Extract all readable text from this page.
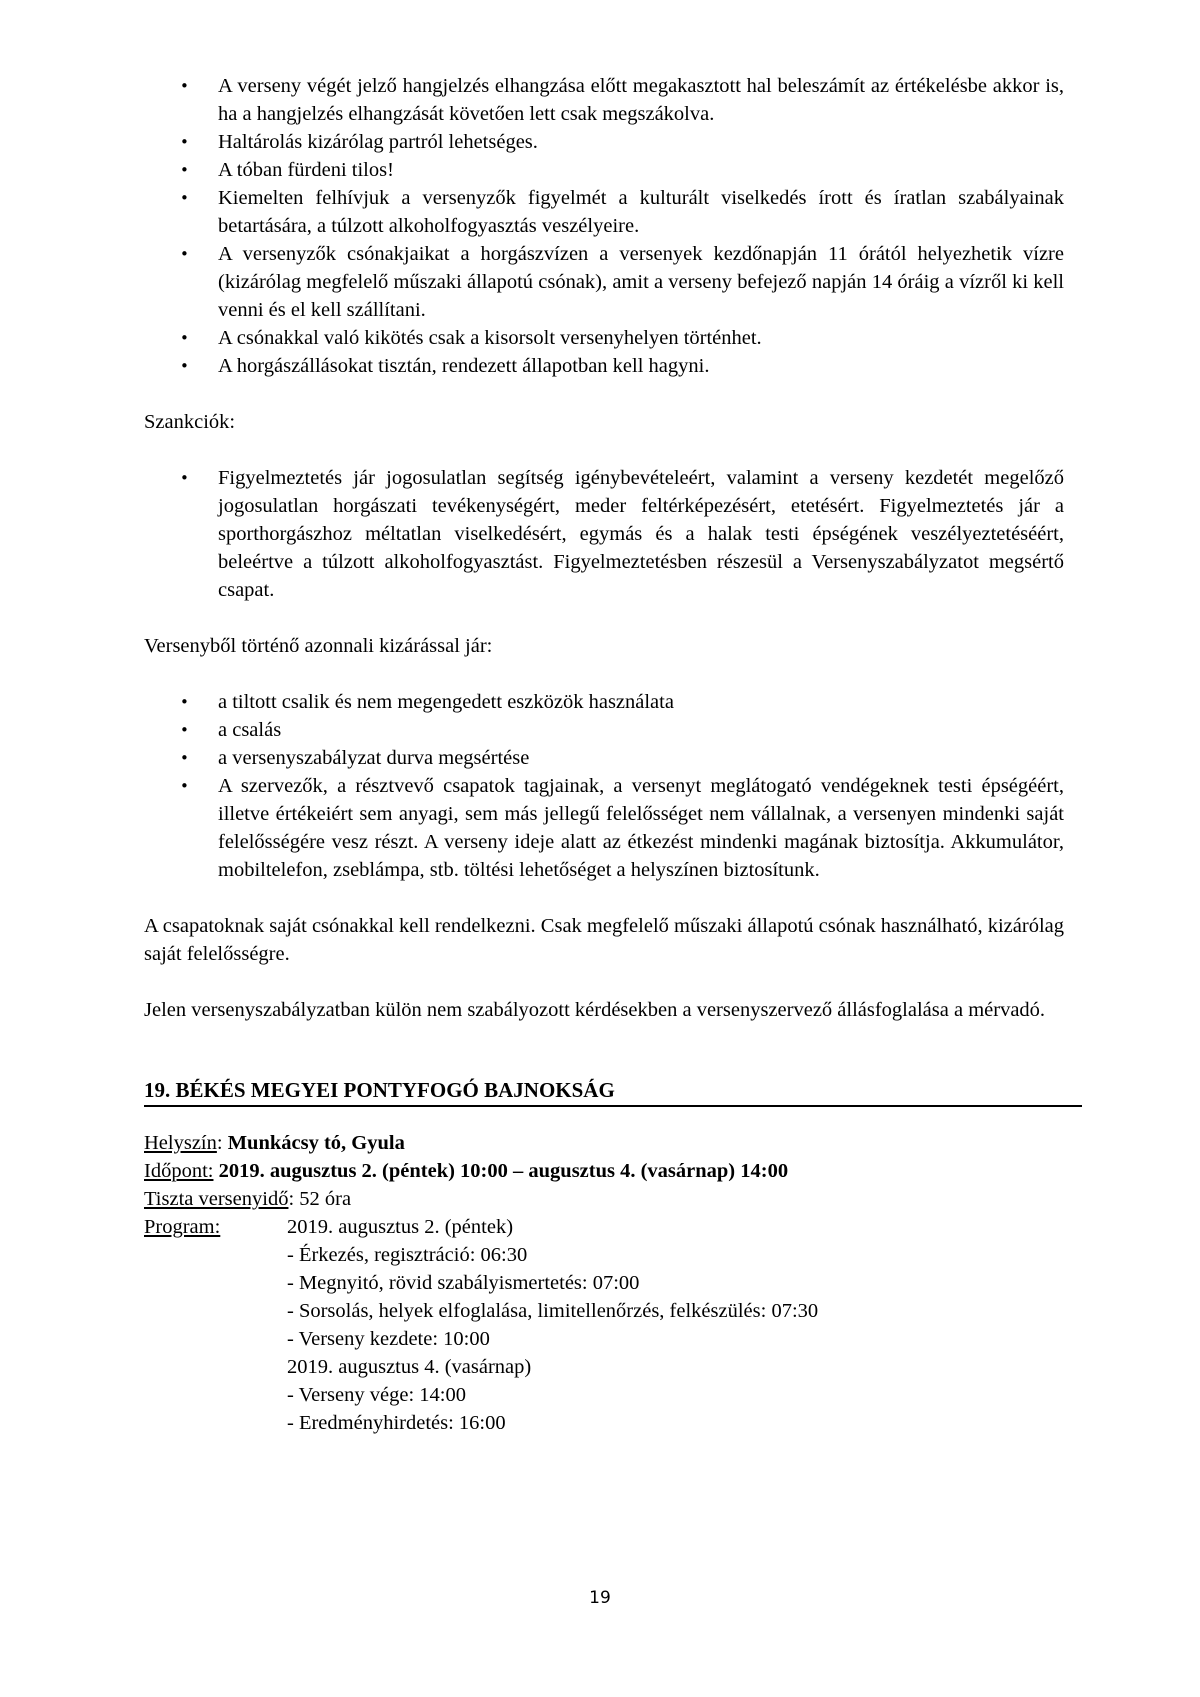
• A verseny végét jelző hangjelzés elhangzása előtt megakasztott hal beleszámít az értékelésbe akkor is, ha a hangjelzés elhangzását követően lett csak megszákolva.
• Haltárolás kizárólag partról lehetséges.
• A tóban fürdeni tilos!
• Kiemelten felhívjuk a versenyzők figyelmét a kulturált viselkedés írott és íratlan szabályainak betartására, a túlzott alkoholfogyasztás veszélyeire.
• A versenyzők csónakjaikat a horgászvízen a versenyek kezdőnapján 11 órától helyezhetik vízre (kizárólag megfelelő műszaki állapotú csónak), amit a verseny befejező napján 14 óráig a vízről ki kell venni és el kell szállítani.
• A csónakkal való kikötés csak a kisorsolt versenyhelyen történhet.
• A horgászállásokat tisztán, rendezett állapotban kell hagyni.

Szankciók:

• Figyelmeztetés jár jogosulatlan segítség igénybevételeért, valamint a verseny kezdetét megelőző jogosulatlan horgászati tevékenységért, meder feltérképezésért, etetésért. Figyelmeztetés jár a sporthorgászhoz méltatlan viselkedésért, egymás és a halak testi épségének veszélyeztetéséért, beleértve a túlzott alkoholfogyasztást. Figyelmeztetésben részesül a Versenyszabályzatot megsértő csapat.

Versenyből történő azonnali kizárással jár:

• a tiltott csalik és nem megengedett eszközök használata
• a csalás
• a versenyszabályzat durva megsértése
• A szervezők, a résztvevő csapatok tagjainak, a versenyt meglátogató vendégeknek testi épségéért, illetve értékeiért sem anyagi, sem más jellegű felelősséget nem vállalnak, a versenyen mindenki saját felelősségére vesz részt. A verseny ideje alatt az étkezést mindenki magának biztosítja. Akkumulátor, mobiltelefon, zseblámpa, stb. töltési lehetőséget a helyszínen biztosítunk.

A csapatoknak saját csónakkal kell rendelkezni. Csak megfelelő műszaki állapotú csónak használható, kizárólag saját felelősségre.

Jelen versenyszabályzatban külön nem szabályozott kérdésekben a versenyszervező állásfoglalása a mérvadó.

19. BÉKÉS MEGYEI PONTYFOGÓ BAJNOKSÁG
Helyszín : Munkácsy tó, Gyula
Időpont:
2019. augusztus 2. (péntek) 10:00 – augusztus 4. (vasárnap) 14:00
Tiszta versenyidő : 52 óra
Program:	2019. augusztus 2. (péntek)
- Érkezés, regisztráció: 06:30
- Megnyitó, rövid szabályismertetés: 07:00
- Sorsolás, helyek elfoglalása, limitellenőrzés, felkészülés: 07:30
- Verseny kezdete: 10:00
2019. augusztus 4. (vasárnap)
- Verseny vége: 14:00
- Eredményhirdetés: 16:00
19
